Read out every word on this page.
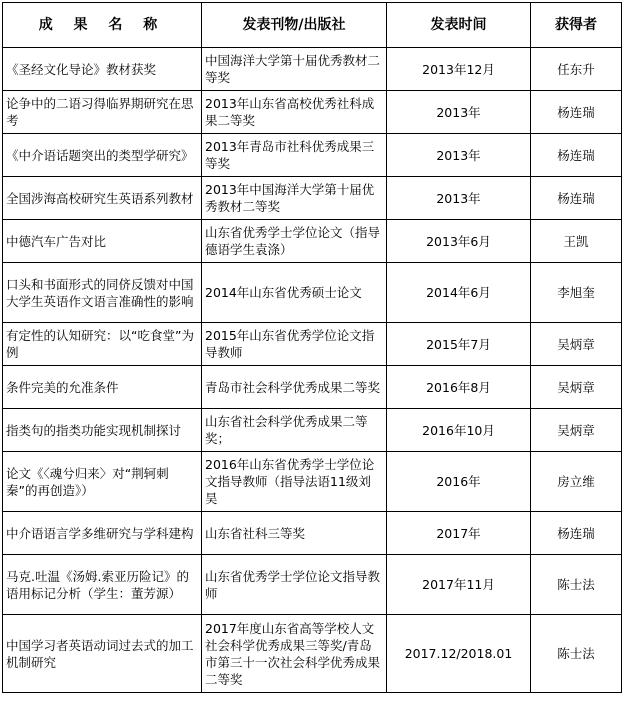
成 果 名 称	发表刊物/出版社	发表时间	获得者
《圣经文化导论》教材获奖	中国海洋大学第十届优秀教材二等奖	2013年12月	任东升
论争中的二语习得临界期研究在思考	2013年山东省高校优秀社科成果二等奖	2013年	杨连瑞
《中介语话题突出的类型学研究》	2013年青岛市社科优秀成果三等奖	2013年	杨连瑞
全国涉海高校研究生英语系列教材	2013年中国海洋大学第十届优秀教材二等奖	2013年	杨连瑞
中德汽车广告对比	山东省优秀学士学位论文（指导德语学生袁涤）	2013年6月	王凯
口头和书面形式的同侪反馈对中国大学生英语作文语言准确性的影响	2014年山东省优秀硕士论文	2014年6月	李旭奎
有定性的认知研究：以“吃食堂”为例	2015年山东省优秀学位论文指导教师	2015年7月	吴炳章
条件完美的允准条件	青岛市社会科学优秀成果二等奖	2016年8月	吴炳章
指类句的指类功能实现机制探讨	山东省社会科学优秀成果二等奖；	2016年10月	吴炳章
论文《〈魂兮归来〉对“荆轲刺秦”的再创造》）	2016年山东省优秀学士学位论文指导教师（指导法语11级刘昊	2016年	房立维
中介语语言学多维研究与学科建构	山东省社科三等奖	2017年	杨连瑞
马克.吐温《汤姆.索亚历险记》的语用标记分析（学生：董芳源）	山东省优秀学士学位论文指导教师	2017年11月	陈士法
中国学习者英语动词过去式的加工机制研究	2017年度山东省高等学校人文社会科学优秀成果三等奖/青岛市第三十一次社会科学优秀成果二等奖	2017.12/2018.01	陈士法
